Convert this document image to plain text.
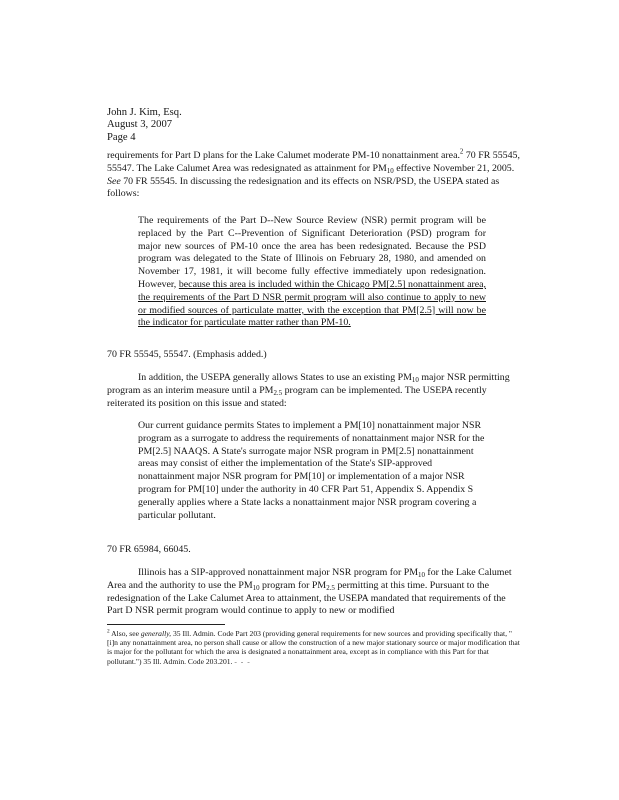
John J. Kim, Esq.
August 3, 2007
Page 4

requirements for Part D plans for the Lake Calumet moderate PM-10 nonattainment area.$^2$ 70 FR 55545, 55547. The Lake Calumet Area was redesignated as attainment for $PM_{10}$ effective November 21, 2005. See 70 FR 55545. In discussing the redesignation and its effects on NSR/PSD, the USEPA stated as follows:

The requirements of the Part D--New Source Review (NSR) permit program will be replaced by the Part C--Prevention of Significant Deterioration (PSD) program for major new sources of PM-10 once the area has been redesignated. Because the PSD program was delegated to the State of Illinois on February 28, 1980, and amended on November 17, 1981, it will become fully effective immediately upon redesignation. However, because this area is included within the Chicago PM[2.5] nonattainment area, the requirements of the Part D NSR permit program will also continue to apply to new or modified sources of particulate matter, with the exception that PM[2.5] will now be the indicator for particulate matter rather than PM-10.

70 FR 55545, 55547. (Emphasis added.)

In addition, the USEPA generally allows States to use an existing $PM_{10}$ major NSR permitting program as an interim measure until a $PM_{2.5}$ program can be implemented. The USEPA recently reiterated its position on this issue and stated:

Our current guidance permits States to implement a PM[10] nonattainment major NSR program as a surrogate to address the requirements of nonattainment major NSR for the PM[2.5] NAAQS. A State's surrogate major NSR program in PM[2.5] nonattainment areas may consist of either the implementation of the State's SIP-approved nonattainment major NSR program for PM[10] or implementation of a major NSR program for PM[10] under the authority in 40 CFR Part 51, Appendix S. Appendix S generally applies where a State lacks a nonattainment major NSR program covering a particular pollutant.

70 FR 65984, 66045.

Illinois has a SIP-approved nonattainment major NSR program for $PM_{10}$ for the Lake Calumet Area and the authority to use the $PM_{10}$ program for $PM_{2.5}$ permitting at this time. Pursuant to the redesignation of the Lake Calumet Area to attainment, the USEPA mandated that requirements of the Part D NSR permit program would continue to apply to new or modified

$^2$ Also, see generally, 35 Ill. Admin. Code Part 203 (providing general requirements for new sources and providing specifically that, "[i]n any nonattainment area, no person shall cause or allow the construction of a new major stationary source or major modification that is major for the pollutant for which the area is designated a nonattainment area, except as in compliance with this Part for that pollutant.") 35 Ill. Admin. Code 203.201. - - -
